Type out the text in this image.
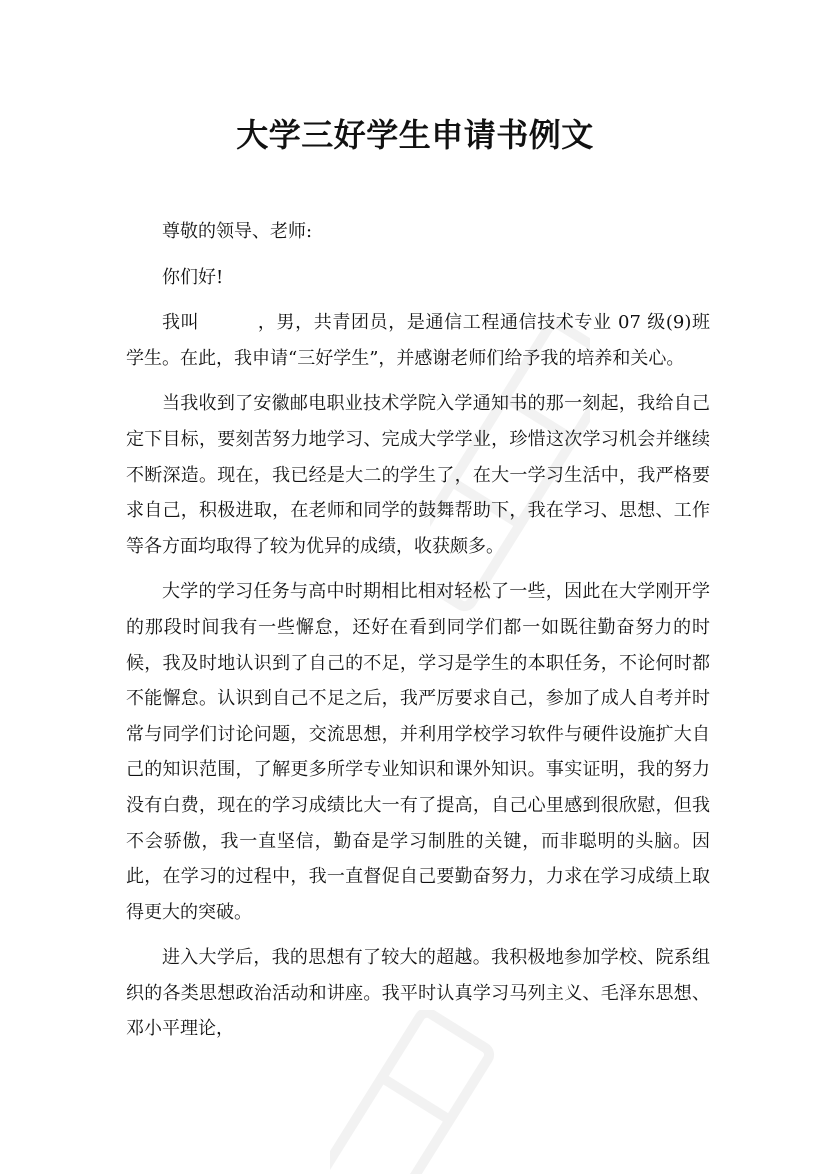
大学三好学生申请书例文

尊敬的领导、老师:

你们好!

我叫	，男，共青团员，是通信工程通信技术专业 07 级(9)班学生。在此，我申请“三好学生”，并感谢老师们给予我的培养和关心。

当我收到了安徽邮电职业技术学院入学通知书的那一刻起，我给自己定下目标，要刻苦努力地学习、完成大学学业，珍惜这次学习机会并继续不断深造。现在，我已经是大二的学生了，在大一学习生活中，我严格要求自己，积极进取，在老师和同学的鼓舞帮助下，我在学习、思想、工作等各方面均取得了较为优异的成绩，收获颇多。

大学的学习任务与高中时期相比相对轻松了一些，因此在大学刚开学的那段时间我有一些懈怠，还好在看到同学们都一如既往勤奋努力的时候，我及时地认识到了自己的不足，学习是学生的本职任务，不论何时都不能懈怠。认识到自己不足之后，我严厉要求自己，参加了成人自考并时常与同学们讨论问题，交流思想，并利用学校学习软件与硬件设施扩大自己的知识范围，了解更多所学专业知识和课外知识。事实证明，我的努力没有白费，现在的学习成绩比大一有了提高，自己心里感到很欣慰，但我不会骄傲，我一直坚信，勤奋是学习制胜的关键，而非聪明的头脑。因此，在学习的过程中，我一直督促自己要勤奋努力，力求在学习成绩上取得更大的突破。

进入大学后，我的思想有了较大的超越。我积极地参加学校、院系组织的各类思想政治活动和讲座。我平时认真学习马列主义、毛泽东思想、邓小平理论，
